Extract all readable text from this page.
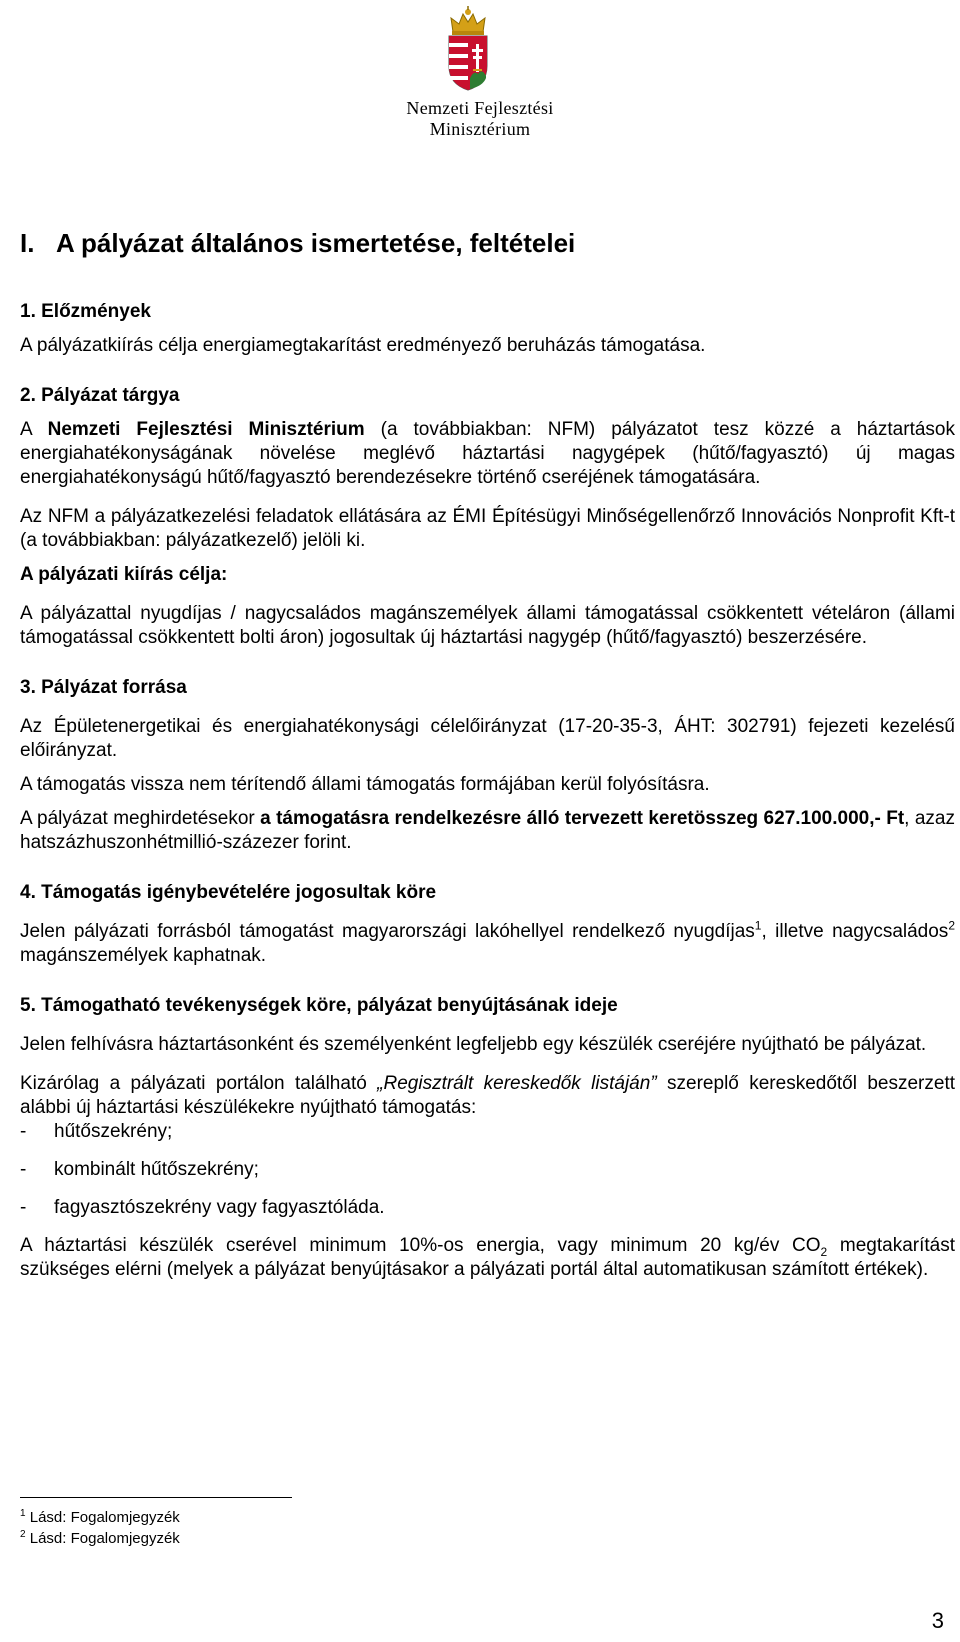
Nemzeti Fejlesztési
Minisztérium
I. A pályázat általános ismertetése, feltételei
1. Előzmények

A pályázatkiírás célja energiamegtakarítást eredményező beruházás támogatása.

2. Pályázat tárgya

A Nemzeti Fejlesztési Minisztérium (a továbbiakban: NFM) pályázatot tesz közzé a háztartások energiahatékonyságának növelése meglévő háztartási nagygépek (hűtő/fagyasztó) új magas energiahatékonyságú hűtő/fagyasztó berendezésekre történő cseréjének támogatására.

Az NFM a pályázatkezelési feladatok ellátására az ÉMI Építésügyi Minőségellenőrző Innovációs Nonprofit Kft-t (a továbbiakban: pályázatkezelő) jelöli ki.

A pályázati kiírás célja:

A pályázattal nyugdíjas / nagycsaládos magánszemélyek állami támogatással csökkentett vételáron (állami támogatással csökkentett bolti áron) jogosultak új háztartási nagygép (hűtő/fagyasztó) beszerzésére.

3. Pályázat forrása

Az Épületenergetikai és energiahatékonysági célelőirányzat (17-20-35-3, ÁHT: 302791) fejezeti kezelésű előirányzat.

A támogatás vissza nem térítendő állami támogatás formájában kerül folyósításra.

A pályázat meghirdetésekor a támogatásra rendelkezésre álló tervezett keretösszeg 627.100.000,- Ft, azaz hatszázhuszonhétmillió-százezer forint.

4. Támogatás igénybevételére jogosultak köre

Jelen pályázati forrásból támogatást magyarországi lakóhellyel rendelkező nyugdíjas$^1$, illetve nagycsaládos$^2$ magánszemélyek kaphatnak.

5. Támogatható tevékenységek köre, pályázat benyújtásának ideje

Jelen felhívásra háztartásonként és személyenként legfeljebb egy készülék cseréjére nyújtható be pályázat.

Kizárólag a pályázati portálon található „Regisztrált kereskedők listáján” szereplő kereskedőtől beszerzett alábbi új háztartási készülékekre nyújtható támogatás:

-	hűtőszekrény;
-	kombinált hűtőszekrény;
-	fagyasztószekrény vagy fagyasztóláda.

A háztartási készülék cserével minimum 10%-os energia, vagy minimum 20 kg/év $CO_2$ megtakarítást szükséges elérni (melyek a pályázat benyújtásakor a pályázati portál által automatikusan számított értékek).

$^1$ Lásd: Fogalomjegyzék
$^2$ Lásd: Fogalomjegyzék
3
